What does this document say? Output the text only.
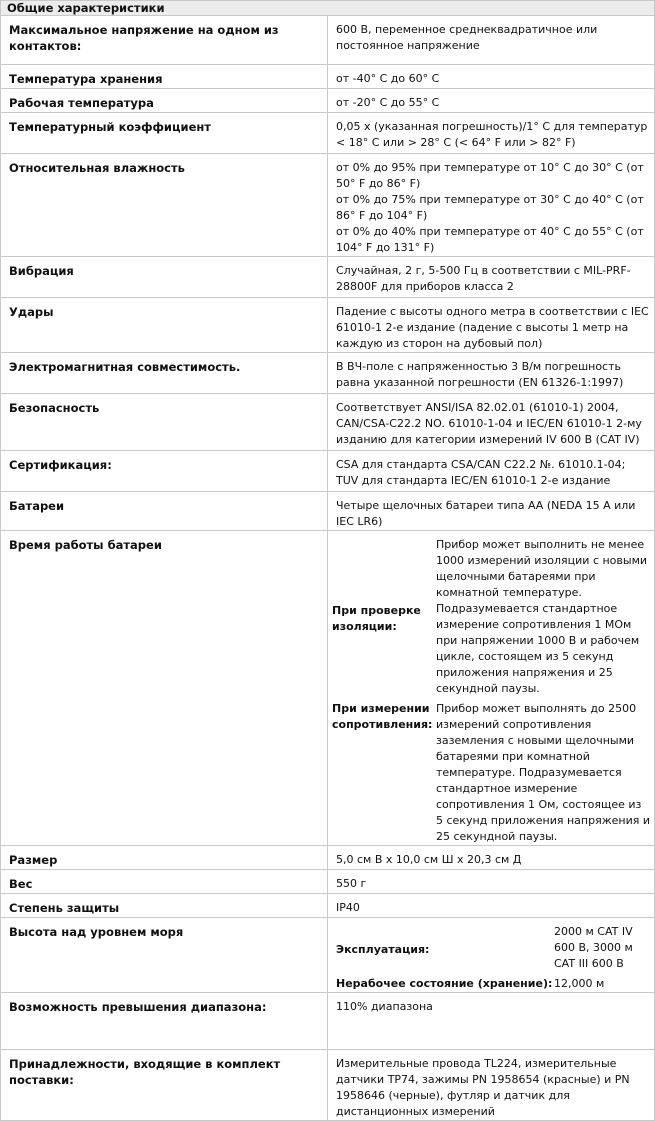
Общие характеристики
Максимальное напряжение на одном из контактов:	600 В, переменное среднеквадратичное или постоянное напряжение
Температура хранения	от -40° C до 60° C
Рабочая температура	от -20° C до 55° C
Температурный коэффициент	0,05 x (указанная погрешность)/1° C для температур < 18° C или > 28° C (< 64° F или > 82° F)
Относительная влажность	от 0% до 95% при температуре от 10° C до 30° C (от 50° F до 86° F)
от 0% до 75% при температуре от 30° C до 40° C (от 86° F до 104° F)
от 0% до 40% при температуре от 40° C до 55° C (от 104° F до 131° F)

Вибрация	Случайная, 2 г, 5-500 Гц в соответствии с MIL-PRF-28800F для приборов класса 2
Удары	Падение с высоты одного метра в соответствии с IEC 61010-1 2-е издание (падение с высоты 1 метр на каждую из сторон на дубовый пол)
Электромагнитная совместимость.	В ВЧ-поле с напряженностью 3 В/м погрешность равна указанной погрешности (EN 61326-1:1997)
Безопасность	Соответствует ANSI/ISA 82.02.01 (61010-1) 2004, CAN/CSA-C22.2 NO. 61010-1-04 и IEC/EN 61010-1 2-му изданию для категории измерений IV 600 В (CAT IV)
Сертификация:	CSA для стандарта CSA/CAN C22.2 №. 61010.1-04; TUV для стандарта IEC/EN 61010-1 2-е издание
Батареи	Четыре щелочных батареи типа AA (NEDA 15 A или IEC LR6)
Время работы батареи	
При проверке изоляции:	Прибор может выполнить не менее 1000 измерений изоляции с новыми щелочными батареями при комнатной температуре. Подразумевается стандартное измерение сопротивления 1 МОм при напряжении 1000 В и рабочем цикле, состоящем из 5 секунд приложения напряжения и 25 секундной паузы.
При измерении сопротивления:	Прибор может выполнять до 2500 измерений сопротивления заземления с новыми щелочными батареями при комнатной температуре. Подразумевается стандартное измерение сопротивления 1 Ом, состоящее из 5 секунд приложения напряжения и 25 секундной паузы.

Размер	5,0 см В x 10,0 см Ш x 20,3 см Д
Вес	550 г
Степень защиты	IP40
Высота над уровнем моря	
Эксплуатация:	2000 м CAT IV 600 В, 3000 м CAT III 600 В
Нерабочее состояние (хранение):	12,000 м

Возможность превышения диапазона:	110% диапазона
Принадлежности, входящие в комплект поставки:	Измерительные провода TL224, измерительные датчики TP74, зажимы PN 1958654 (красные) и PN 1958646 (черные), футляр и датчик для дистанционных измерений
